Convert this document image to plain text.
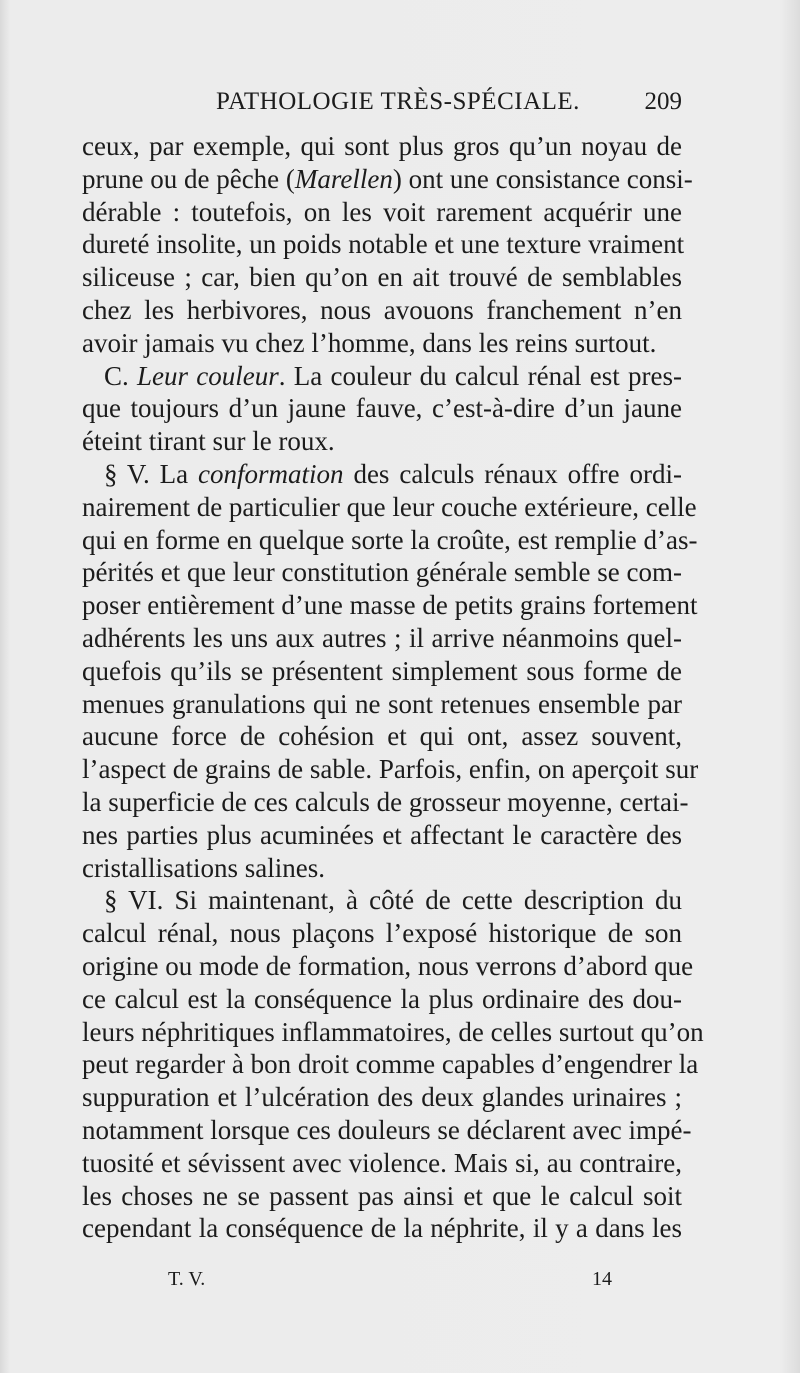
PATHOLOGIE TRÈS-SPÉCIALE.	209
ceux, par exemple, qui sont plus gros qu’un noyau de
prune ou de pêche (Marellen) ont une consistance consi-
dérable : toutefois, on les voit rarement acquérir une
dureté insolite, un poids notable et une texture vraiment
siliceuse ; car, bien qu’on en ait trouvé de semblables
chez les herbivores, nous avouons franchement n’en
avoir jamais vu chez l’homme, dans les reins surtout.
C. Leur couleur. La couleur du calcul rénal est pres-
que toujours d’un jaune fauve, c’est-à-dire d’un jaune
éteint tirant sur le roux.
§ V. La conformation des calculs rénaux offre ordi-
nairement de particulier que leur couche extérieure, celle
qui en forme en quelque sorte la croûte, est remplie d’as-
pérités et que leur constitution générale semble se com-
poser entièrement d’une masse de petits grains fortement
adhérents les uns aux autres ; il arrive néanmoins quel-
quefois qu’ils se présentent simplement sous forme de
menues granulations qui ne sont retenues ensemble par
aucune force de cohésion et qui ont, assez souvent,
l’aspect de grains de sable. Parfois, enfin, on aperçoit sur
la superficie de ces calculs de grosseur moyenne, certai-
nes parties plus acuminées et affectant le caractère des
cristallisations salines.
§ VI. Si maintenant, à côté de cette description du
calcul rénal, nous plaçons l’exposé historique de son
origine ou mode de formation, nous verrons d’abord que
ce calcul est la conséquence la plus ordinaire des dou-
leurs néphritiques inflammatoires, de celles surtout qu’on
peut regarder à bon droit comme capables d’engendrer la
suppuration et l’ulcération des deux glandes urinaires ;
notamment lorsque ces douleurs se déclarent avec impé-
tuosité et sévissent avec violence. Mais si, au contraire,
les choses ne se passent pas ainsi et que le calcul soit
cependant la conséquence de la néphrite, il y a dans les
T. V.	14
